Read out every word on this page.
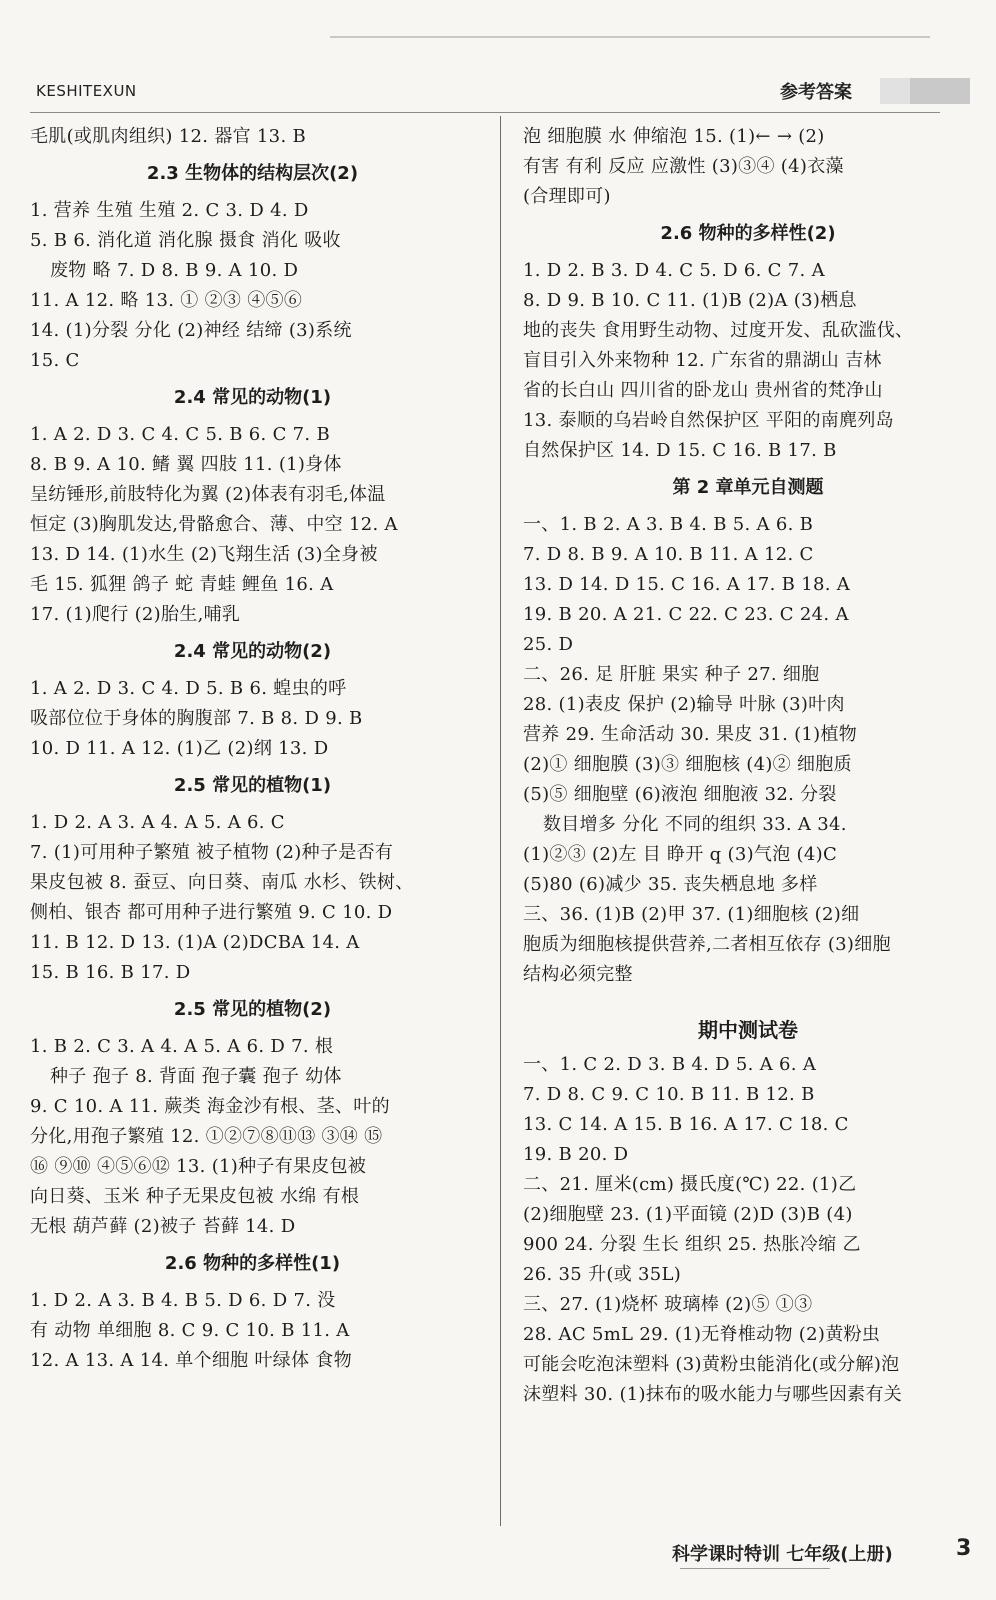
KESHITEXUN	参考答案
毛肌(或肌肉组织) 12. 器官 13. B
2.3 生物体的结构层次(2)
1. 营养 生殖 生殖 2. C 3. D 4. D
5. B 6. 消化道 消化腺 摄食 消化 吸收
废物 略 7. D 8. B 9. A 10. D
11. A 12. 略 13. ① ②③ ④⑤⑥
14. (1)分裂 分化 (2)神经 结缔 (3)系统
15. C
2.4 常见的动物(1)
1. A 2. D 3. C 4. C 5. B 6. C 7. B
8. B 9. A 10. 鳍 翼 四肢 11. (1)身体
呈纺锤形,前肢特化为翼 (2)体表有羽毛,体温
恒定 (3)胸肌发达,骨骼愈合、薄、中空 12. A
13. D 14. (1)水生 (2)飞翔生活 (3)全身被
毛 15. 狐狸 鸽子 蛇 青蛙 鲤鱼 16. A
17. (1)爬行 (2)胎生,哺乳
2.4 常见的动物(2)
1. A 2. D 3. C 4. D 5. B 6. 蝗虫的呼
吸部位位于身体的胸腹部 7. B 8. D 9. B
10. D 11. A 12. (1)乙 (2)纲 13. D
2.5 常见的植物(1)
1. D 2. A 3. A 4. A 5. A 6. C
7. (1)可用种子繁殖 被子植物 (2)种子是否有
果皮包被 8. 蚕豆、向日葵、南瓜 水杉、铁树、
侧柏、银杏 都可用种子进行繁殖 9. C 10. D
11. B 12. D 13. (1)A (2)DCBA 14. A
15. B 16. B 17. D
2.5 常见的植物(2)
1. B 2. C 3. A 4. A 5. A 6. D 7. 根
种子 孢子 8. 背面 孢子囊 孢子 幼体
9. C 10. A 11. 蕨类 海金沙有根、茎、叶的
分化,用孢子繁殖 12. ①②⑦⑧⑪⑬ ③⑭ ⑮
⑯ ⑨⑩ ④⑤⑥⑫ 13. (1)种子有果皮包被
向日葵、玉米 种子无果皮包被 水绵 有根
无根 葫芦藓 (2)被子 苔藓 14. D
2.6 物种的多样性(1)
1. D 2. A 3. B 4. B 5. D 6. D 7. 没
有 动物 单细胞 8. C 9. C 10. B 11. A
12. A 13. A 14. 单个细胞 叶绿体 食物
泡 细胞膜 水 伸缩泡 15. (1)← → (2)
有害 有利 反应 应激性 (3)③④ (4)衣藻
(合理即可)
2.6 物种的多样性(2)
1. D 2. B 3. D 4. C 5. D 6. C 7. A
8. D 9. B 10. C 11. (1)B (2)A (3)栖息
地的丧失 食用野生动物、过度开发、乱砍滥伐、
盲目引入外来物种 12. 广东省的鼎湖山 吉林
省的长白山 四川省的卧龙山 贵州省的梵净山
13. 泰顺的乌岩岭自然保护区 平阳的南麂列岛
自然保护区 14. D 15. C 16. B 17. B
第 2 章单元自测题
一、1. B 2. A 3. B 4. B 5. A 6. B
7. D 8. B 9. A 10. B 11. A 12. C
13. D 14. D 15. C 16. A 17. B 18. A
19. B 20. A 21. C 22. C 23. C 24. A
25. D
二、26. 足 肝脏 果实 种子 27. 细胞
28. (1)表皮 保护 (2)输导 叶脉 (3)叶肉
营养 29. 生命活动 30. 果皮 31. (1)植物
(2)① 细胞膜 (3)③ 细胞核 (4)② 细胞质
(5)⑤ 细胞壁 (6)液泡 细胞液 32. 分裂
数目增多 分化 不同的组织 33. A 34.
(1)②③ (2)左 目 睁开 q (3)气泡 (4)C
(5)80 (6)减少 35. 丧失栖息地 多样
三、36. (1)B (2)甲 37. (1)细胞核 (2)细
胞质为细胞核提供营养,二者相互依存 (3)细胞
结构必须完整
期中测试卷
一、1. C 2. D 3. B 4. D 5. A 6. A
7. D 8. C 9. C 10. B 11. B 12. B
13. C 14. A 15. B 16. A 17. C 18. C
19. B 20. D
二、21. 厘米(cm) 摄氏度(℃) 22. (1)乙
(2)细胞壁 23. (1)平面镜 (2)D (3)B (4)
900 24. 分裂 生长 组织 25. 热胀冷缩 乙
26. 35 升(或 35L)
三、27. (1)烧杯 玻璃棒 (2)⑤ ①③
28. AC 5mL 29. (1)无脊椎动物 (2)黄粉虫
可能会吃泡沫塑料 (3)黄粉虫能消化(或分解)泡
沫塑料 30. (1)抹布的吸水能力与哪些因素有关
科学课时特训 七年级(上册)	3
